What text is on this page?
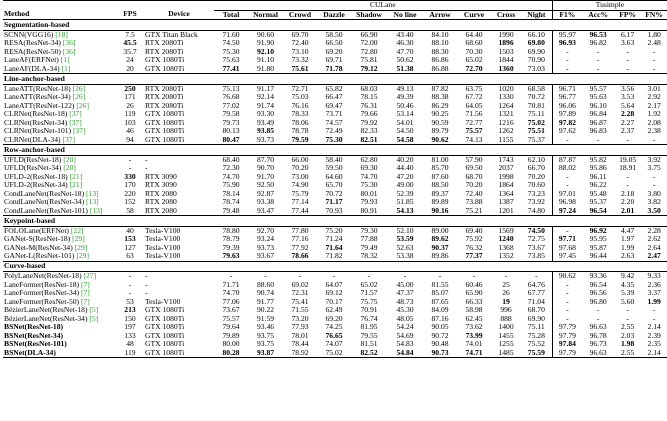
			CULane										Tusimple			
Method	FPS	Device	Total	Normal	Crowd	Dazzle	Shadow	No line	Arrow	Curve	Cross	Night	F1%	Acc%	FP%	FN%
Segmentation-based																
SCNN(VGG16) [18]	7.5	GTX Titan Black	71.60	90.60	69.70	58.50	66.90	43.40	84.10	64.40	1990	66.10	95.97	96.53	6.17	1.80
RESA(ResNet-34) [36]	45.5	RTX 2080Ti	74.50	91.90	72.40	66.50	72.00	46.30	88.10	68.60	1896	69.80	96.93	96.82	3.63	2.48
RESA(ResNet-50) [36]	35.7	RTX 2080Ti	75.30	92.10	73.10	69.20	72.80	47.70	88.30	70.30	1503	69.90	-	-	-	-
LaneAF(ERFNet) [1]	24	GTX 1080Ti	75.63	91.10	73.32	69.71	75.81	50.62	86.86	65.02	1844	70.90	-	-	-	-
LaneAF(DLA-34) [1]	20	GTX 1080Ti	77.41	91.80	75.61	71.78	79.12	51.38	86.88	72.70	1360	73.03	-	-	-	-
Line-anchor-based																
LaneATT(ResNet-18) [26]	250	RTX 2080Ti	75.13	91.17	72.71	65.82	68.03	49.13	87.82	63.75	1020	68.58	96.71	95.57	3.56	3.01
LaneATT(ResNet-34) [26]	171	RTX 2080Ti	76.68	92.14	75.03	66.47	78.15	49.39	88.38	67.72	1330	70.72	96.77	95.63	3.53	2.92
LaneATT(ResNet-122) [26]	26	RTX 2080Ti	77.02	91.74	76.16	69.47	76.31	50.46	86.29	64.05	1264	70.81	96.06	96.10	5.64	2.17
CLRNet(ResNet-18) [37]	119	GTX 1080Ti	79.58	93.30	78.33	73.71	79.66	53.14	90.25	71.56	1321	75.11	97.89	96.84	2.28	1.92
CLRNet(ResNet-34) [37]	103	GTX 1080Ti	79.73	93.49	78.06	74.57	79.92	54.01	90.59	72.77	1216	75.02	97.82	96.87	2.27	2.08
CLRNet(ResNet-101) [37]	46	GTX 1080Ti	80.13	93.85	78.78	72.49	82.33	54.50	89.79	75.57	1262	75.51	97.62	96.83	2.37	2.38
CLRNet(DLA-34) [37]	94	GTX 1080Ti	80.47	93.73	79.59	75.30	82.51	54.58	90.62	74.13	1155	75.37	-	-	-	-
Row-anchor-based																
UFLD(ResNet-18) [20]	-	-	68.40	87.70	66.00	58.40	62.80	40.20	81.00	57.90	1743	62.10	87.87	95.82	19.05	3.92
UFLD(ResNet-34) [20]	-	-	72.30	90.70	70.20	59.50	69.30	44.40	85.70	69.50	2037	66.70	88.02	95.86	18.91	3.75
UFLD-2(ResNet-18) [21]	330	RTX 3090	74.70	91.70	73.00	64.60	74.70	47.20	87.60	68.70	1998	70.20	-	96.11	-	-
UFLD-2(ResNet-34) [21]	170	RTX 3090	75.90	92.50	74.90	65.70	75.30	49.00	88.50	70.20	1864	70.60	-	96.22	-	-
CondLaneNet(ResNet-18) [13]	220	RTX 2080	78.14	92.87	75.79	70.72	80.01	52.39	89.37	72.40	1364	73.23	97.01	95.48	2.18	3.80
CondLaneNet(ResNet-34) [13]	152	RTX 2080	78.74	93.38	77.14	71.17	79.93	51.85	89.89	73.88	1387	73.92	96.98	95.37	2.20	3.82
CondLaneNet(ResNet-101) [13]	58	RTX 2080	79.48	93.47	77.44	70.93	80.91	54.13	90.16	75.21	1201	74.80	97.24	96.54	2.01	3.50
Keypoint-based																
FOLOLane(ERFNet) [22]	40	Tesla-V100	78.80	92.70	77.80	75.20	79.30	52.10	89.00	69.40	1569	74.50	-	96.92	4.47	2.28
GANet-S(ResNet-18) [29]	153	Tesla-V100	78.79	93.24	77.16	71.24	77.88	53.59	89.62	75.92	1240	72.75	97.71	95.95	1.97	2.62
GANet-M(ResNet-34) [29]	127	Tesla-V100	79.39	93.73	77.92	71.64	79.49	52.63	90.37	76.32	1368	73.67	97.68	95.87	1.99	2.64
GANet-L(ResNet-101) [29]	63	Tesla-V100	79.63	93.67	78.66	71.82	78.32	53.38	89.86	77.37	1352	73.85	97.45	96.44	2.63	2.47
Curve-based																
PolyLaneNet(ResNet-18) [27]	-	-	-	-	-	-	-	-	-	-	-	-	90.62	93.36	9.42	9.33
LaneFormer(ResNet-18) [7]	-	-	71.71	88.60	69.02	64.07	65.02	45.00	81.55	60.46	25	64.76	-	96.54	4.35	2.36
LaneFormer(ResNet-34) [7]	-	-	74.70	90.74	72.31	69.12	71.57	47.37	85.07	65.90	26	67.77	-	96.56	5.39	3.37
LaneFormer(ResNet-50) [7]	53	Tesla-V100	77.06	91.77	75.41	70.17	75.75	48.73	87.65	66.33	19	71.04	-	96.80	5.60	1.99
BézierLaneNet(ResNet-18) [5]	213	GTX 1080Ti	73.67	90.22	71.55	62.49	70.91	45.30	84.09	58.98	996	68.70	-	-	-	-
BézierLaneNet(ResNet-34) [5]	150	GTX 1080Ti	75.57	91.59	73.20	69.20	76.74	48.05	87.16	62.45	888	69.90	-	-	-	-
BSNet(ResNet-18)	197	GTX 1080Ti	79.64	93.46	77.93	74.25	81.95	54.24	90.05	73.62	1400	75.11	97.79	96.63	2.55	2.14
BSNet(ResNet-34)	133	GTX 1080Ti	79.89	93.75	78.01	76.65	79.55	54.69	90.72	73.99	1455	75.28	97.79	96.78	2.03	2.39
BSNet(ResNet-101)	48	GTX 1080Ti	80.00	93.75	78.44	74.07	81.51	54.83	90.48	74.01	1255	75.52	97.84	96.73	1.98	2.35
BSNet(DLA-34)	119	GTX 1080Ti	80.28	93.87	78.92	75.02	82.52	54.84	90.73	74.71	1485	75.59	97.79	96.63	2.55	2.14
